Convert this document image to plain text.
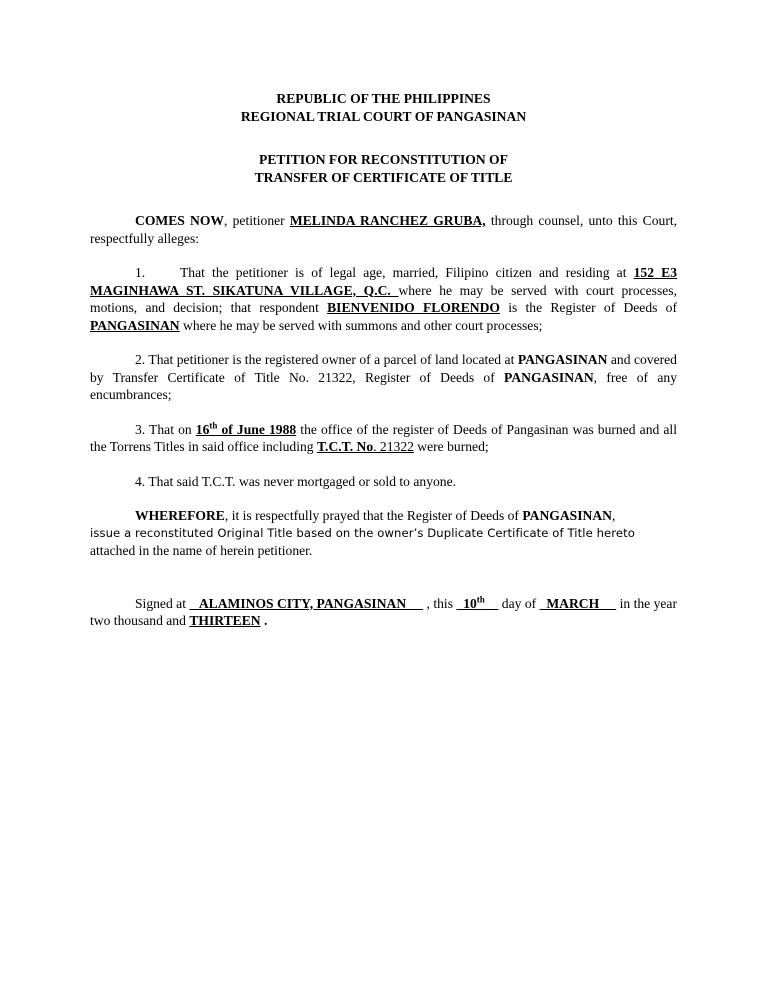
REPUBLIC OF THE PHILIPPINES
REGIONAL TRIAL COURT OF PANGASINAN
PETITION FOR RECONSTITUTION OF
TRANSFER OF CERTIFICATE OF TITLE
COMES NOW, petitioner MELINDA RANCHEZ GRUBA, through counsel, unto this Court, respectfully alleges:
1.	That the petitioner is of legal age, married, Filipino citizen and residing at 152 E3 MAGINHAWA ST. SIKATUNA VILLAGE, Q.C. where he may be served with court processes, motions, and decision; that respondent BIENVENIDO FLORENDO is the Register of Deeds of PANGASINAN where he may be served with summons and other court processes;
2. That petitioner is the registered owner of a parcel of land located at PANGASINAN and covered by Transfer Certificate of Title No. 21322, Register of Deeds of PANGASINAN, free of any encumbrances;
3. That on 16th of June 1988 the office of the register of Deeds of Pangasinan was burned and all the Torrens Titles in said office including T.C.T. No. 21322 were burned;
4. That said T.C.T. was never mortgaged or sold to anyone.
WHEREFORE, it is respectfully prayed that the Register of Deeds of PANGASINAN,
issue a reconstituted Original Title based on the owner’s Duplicate Certificate of Title hereto
attached in the name of herein petitioner.
Signed at    ALAMINOS CITY, PANGASINAN      , this   10th     day of   MARCH      in the year two thousand and THIRTEEN .
